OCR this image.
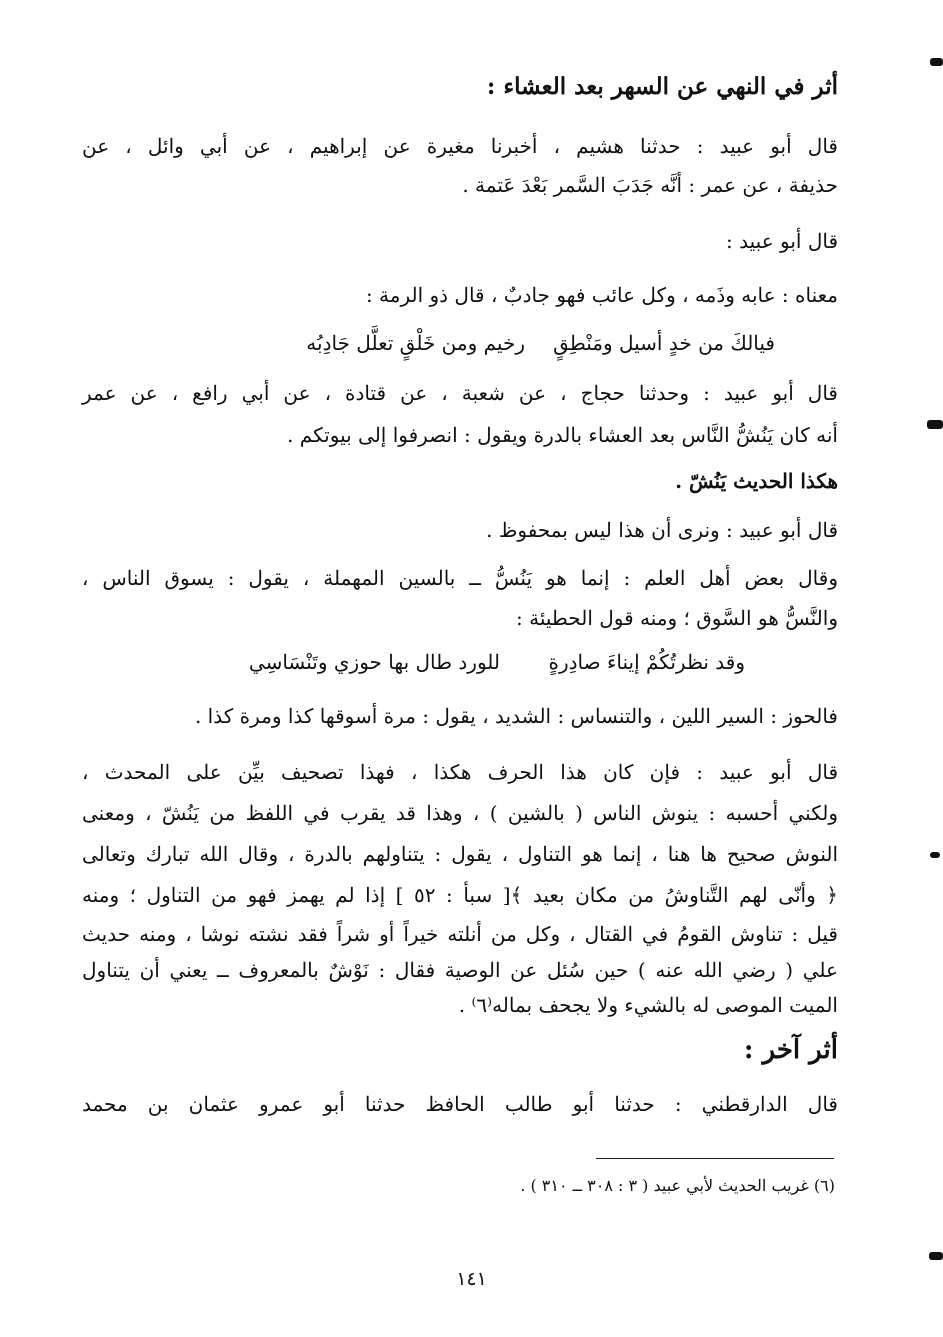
أثر في النهي عن السهر بعد العشاء :
قال أبو عبيد : حدثنا هشيم ، أخبرنا مغيرة عن إبراهيم ، عن أبي وائل ، عن
حذيفة ، عن عمر : أنَّه جَدَبَ السَّمر بَعْدَ عَتمة .
قال أبو عبيد :
معناه : عابه وذَمه ، وكل عائب فهو جادبٌ ، قال ذو الرمة :
فيالكَ من خدٍ أسيل ومَنْطِقٍ
رخيم ومن خَلْقٍ تعلَّل جَادِبُه
قال أبو عبيد : وحدثنا حجاج ، عن شعبة ، عن قتادة ، عن أبي رافع ، عن عمر
أنه كان يَنُشُّ النَّاس بعد العشاء بالدرة ويقول : انصرفوا إلى بيوتكم .
هكذا الحديث يَنُشّ .
قال أبو عبيد : ونرى أن هذا ليس بمحفوظ .
وقال بعض أهل العلم : إنما هو يَنُسُّ ــ بالسين المهملة ، يقول : يسوق الناس ،
والنَّسُّ هو السَّوق ؛ ومنه قول الحطيئة :
وقد نظرتُكُمْ إيناءَ صادِرةٍ
للورد طال بها حوزي وتَنْسَاسِي
فالحوز : السير اللين ، والتنساس : الشديد ، يقول : مرة أسوقها كذا ومرة كذا .
قال أبو عبيد : فإن كان هذا الحرف هكذا ، فهذا تصحيف بيِّن على المحدث ،
ولكني أحسبه : ينوش الناس ( بالشين ) ، وهذا قد يقرب في اللفظ من يَنُشّ ، ومعنى
النوش صحيح ها هنا ، إنما هو التناول ، يقول : يتناولهم بالدرة ، وقال الله تبارك وتعالى
﴿ وأنّى لهم التَّناوشُ من مكان بعيد ﴾[ سبأ : ٥٢ ] إذا لم يهمز فهو من التناول ؛ ومنه
قيل : تناوش القومُ في القتال ، وكل من أنلته خيراً أو شراً فقد نشته نوشا ، ومنه حديث
علي ( رضي الله عنه ) حين سُئل عن الوصية فقال : نَوْشٌ بالمعروف ــ يعني أن يتناول
الميت الموصى له بالشيء ولا يجحف بماله⁽٦⁾ .
أثر آخر :
قال الدارقطني : حدثنا أبو طالب الحافظ حدثنا أبو عمرو عثمان بن محمد
(٦) غريب الحديث لأبي عبيد ( ٣ : ٣٠٨ ــ ٣١٠ ) .
١٤١
